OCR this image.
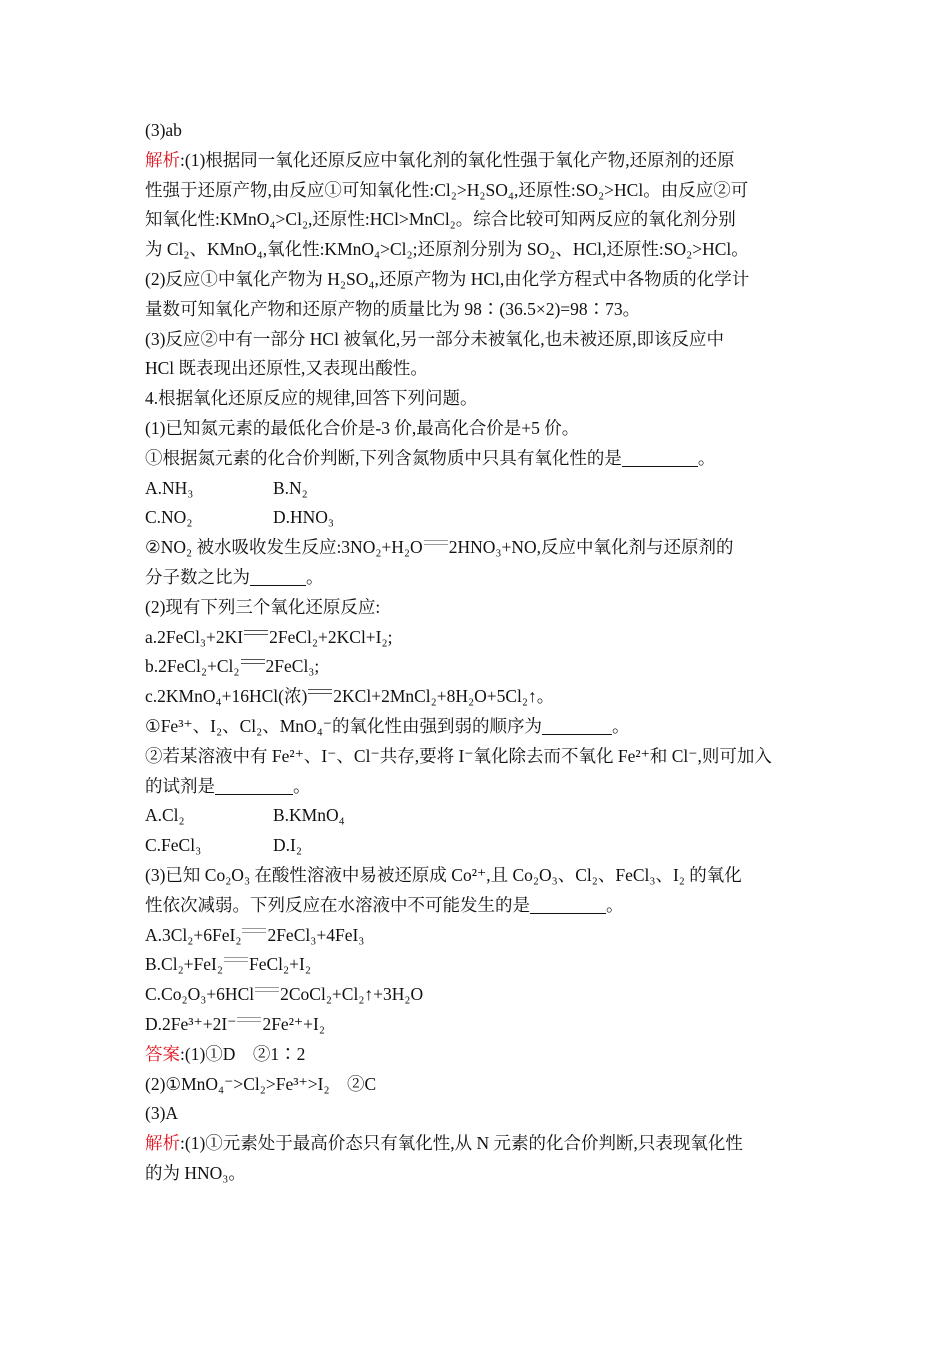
(3)ab
解析:(1)根据同一氧化还原反应中氧化剂的氧化性强于氧化产物,还原剂的还原
性强于还原产物,由反应①可知氧化性:Cl₂>H₂SO₄,还原性:SO₂>HCl。由反应②可
知氧化性:KMnO₄>Cl₂,还原性:HCl>MnCl₂。综合比较可知两反应的氧化剂分别
为 Cl₂、KMnO₄,氧化性:KMnO₄>Cl₂;还原剂分别为 SO₂、HCl,还原性:SO₂>HCl。
(2)反应①中氧化产物为 H₂SO₄,还原产物为 HCl,由化学方程式中各物质的化学计
量数可知氧化产物和还原产物的质量比为 98∶(36.5×2)=98∶73。
(3)反应②中有一部分 HCl 被氧化,另一部分未被氧化,也未被还原,即该反应中
HCl 既表现出还原性,又表现出酸性。
4.根据氧化还原反应的规律,回答下列问题。
(1)已知氮元素的最低化合价是-3 价,最高化合价是+5 价。
①根据氮元素的化合价判断,下列含氮物质中只具有氧化性的是	。
A.NH₃	B.N₂
C.NO₂	D.HNO₃
②NO₂ 被水吸收发生反应:3NO₂+H₂O 2HNO₃+NO,反应中氧化剂与还原剂的
分子数之比为	。
(2)现有下列三个氧化还原反应:
a.2FeCl₃+2KI 2FeCl₂+2KCl+I₂;
b.2FeCl₂+Cl₂ 2FeCl₃;
c.2KMnO₄+16HCl(浓) 2KCl+2MnCl₂+8H₂O+5Cl₂↑。
①Fe³⁺、I₂、Cl₂、MnO₄⁻的氧化性由强到弱的顺序为	。
②若某溶液中有 Fe²⁺、I⁻、Cl⁻共存,要将 I⁻氧化除去而不氧化 Fe²⁺和 Cl⁻,则可加入
的试剂是	。
A.Cl₂	B.KMnO₄
C.FeCl₃	D.I₂
(3)已知 Co₂O₃ 在酸性溶液中易被还原成 Co²⁺,且 Co₂O₃、Cl₂、FeCl₃、I₂ 的氧化
性依次减弱。下列反应在水溶液中不可能发生的是	。
A.3Cl₂+6FeI₂ 2FeCl₃+4FeI₃
B.Cl₂+FeI₂ FeCl₂+I₂
C.Co₂O₃+6HCl 2CoCl₂+Cl₂↑+3H₂O
D.2Fe³⁺+2I⁻ 2Fe²⁺+I₂
答案:(1)①D　②1∶2
(2)①MnO₄⁻>Cl₂>Fe³⁺>I₂　②C
(3)A
解析:(1)①元素处于最高价态只有氧化性,从 N 元素的化合价判断,只表现氧化性
的为 HNO₃。
